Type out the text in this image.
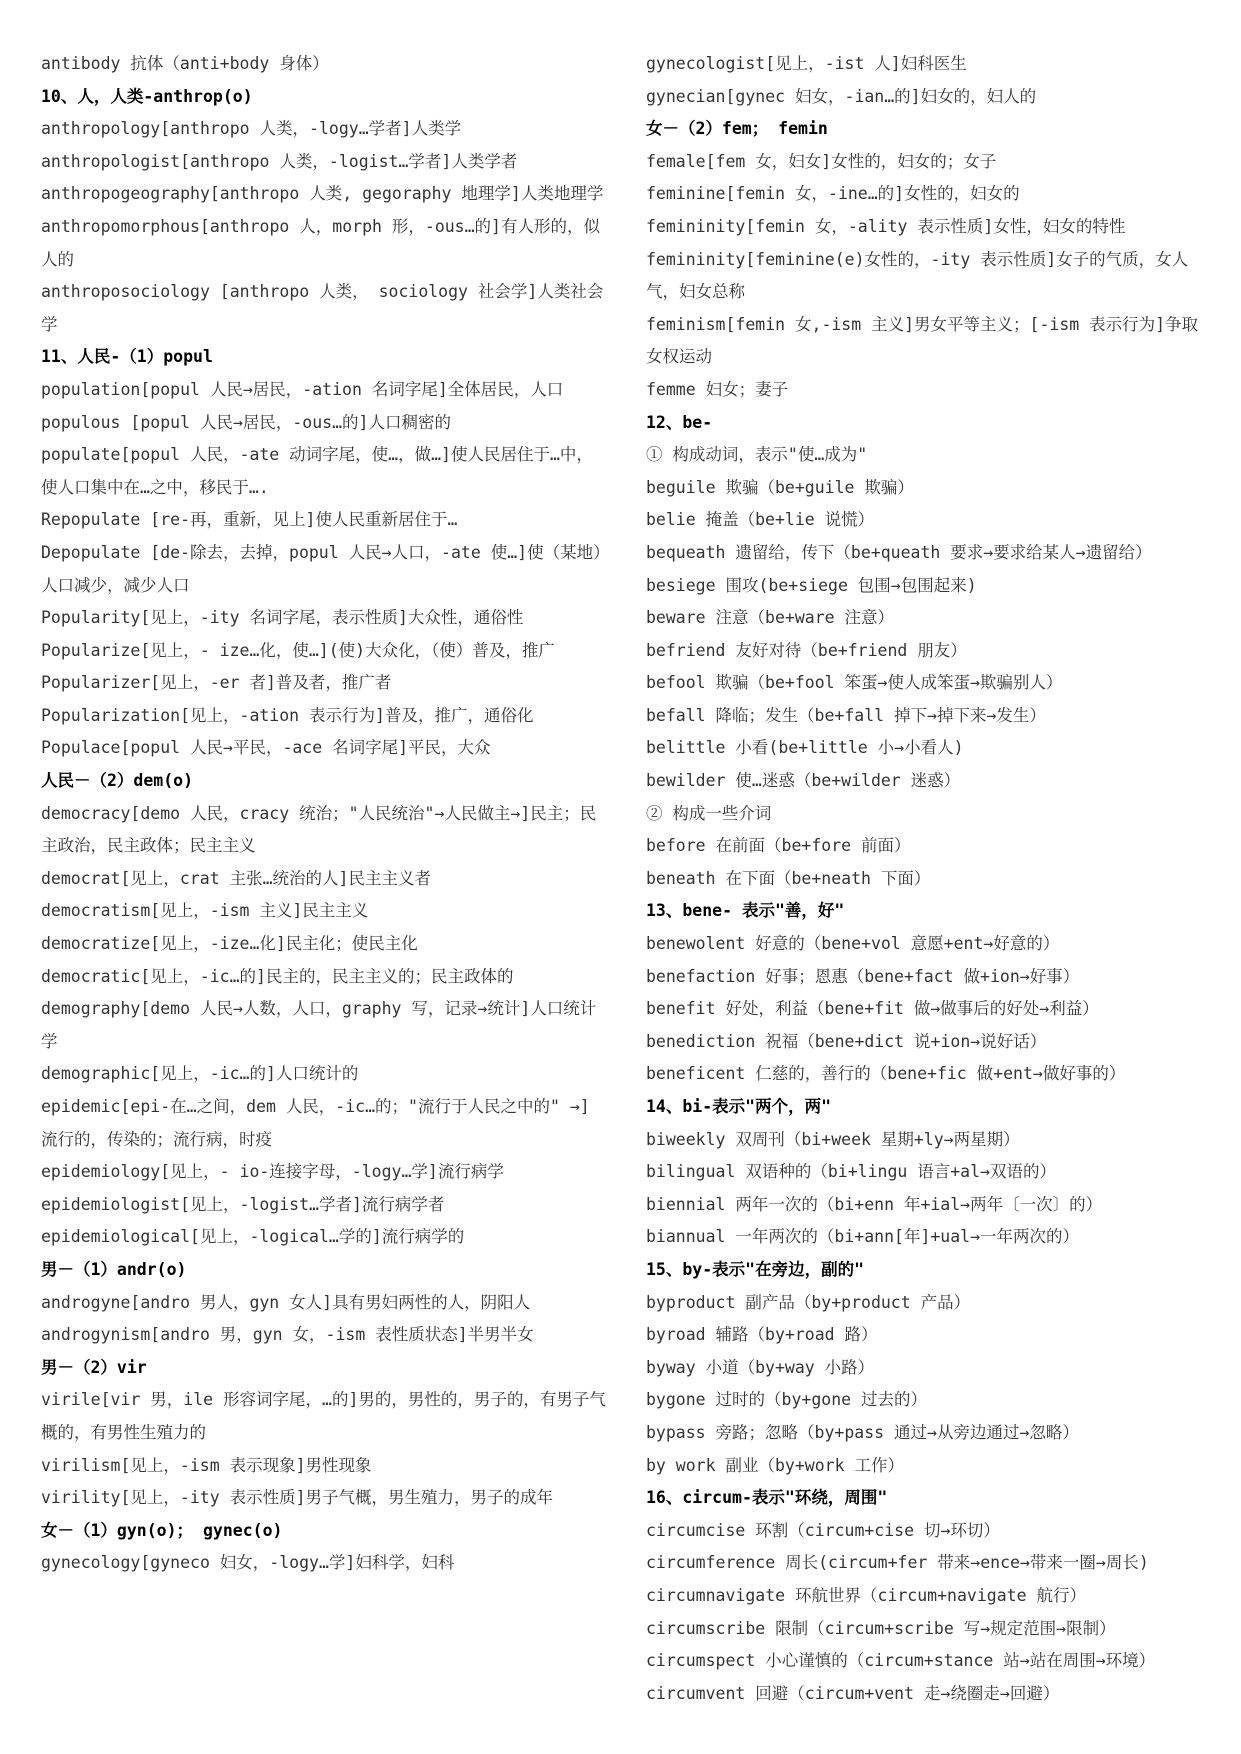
antibody 抗体（anti+body 身体）
10、人，人类-anthrop(o)
anthropology[anthropo 人类，-logy…学者]人类学
anthropologist[anthropo 人类，-logist…学者]人类学者
anthropogeography[anthropo 人类, gegoraphy 地理学]人类地理学
anthropomorphous[anthropo 人，morph 形，-ous…的]有人形的，似人的
anthroposociology [anthropo 人类， sociology 社会学]人类社会学
11、人民-（1）popul
population[popul 人民→居民，-ation 名词字尾]全体居民，人口
populous [popul 人民→居民，-ous…的]人口稠密的
populate[popul 人民，-ate 动词字尾，使…，做…]使人民居住于…中，使人口集中在…之中，移民于….
Repopulate [re-再，重新，见上]使人民重新居住于…
Depopulate [de-除去，去掉，popul 人民→人口，-ate 使…]使（某地）人口减少，减少人口
Popularity[见上，-ity 名词字尾，表示性质]大众性，通俗性
Popularize[见上，- ize…化，使…](使)大众化，（使）普及，推广
Popularizer[见上，-er 者]普及者，推广者
Popularization[见上，-ation 表示行为]普及，推广，通俗化
Populace[popul 人民→平民，-ace 名词字尾]平民，大众
人民－（2）dem(o)
democracy[demo 人民，cracy 统治；"人民统治"→人民做主→]民主；民主政治，民主政体；民主主义
democrat[见上，crat 主张…统治的人]民主主义者
democratism[见上，-ism 主义]民主主义
democratize[见上，-ize…化]民主化；使民主化
democratic[见上，-ic…的]民主的，民主主义的；民主政体的
demography[demo 人民→人数，人口，graphy 写，记录→统计]人口统计学
demographic[见上，-ic…的]人口统计的
epidemic[epi-在…之间，dem 人民，-ic…的；"流行于人民之中的" →]流行的，传染的；流行病，时疫
epidemiology[见上，- io-连接字母，-logy…学]流行病学
epidemiologist[见上，-logist…学者]流行病学者
epidemiological[见上，-logical…学的]流行病学的
男－（1）andr(o)
androgyne[andro 男人，gyn 女人]具有男妇两性的人，阴阳人
androgynism[andro 男，gyn 女，-ism 表性质状态]半男半女
男－（2）vir
virile[vir 男，ile 形容词字尾，…的]男的，男性的，男子的，有男子气概的，有男性生殖力的
virilism[见上，-ism 表示现象]男性现象
virility[见上，-ity 表示性质]男子气概，男生殖力，男子的成年
女－（1）gyn(o)； gynec(o)
gynecology[gyneco 妇女，-logy…学]妇科学，妇科
gynecologist[见上，-ist 人]妇科医生
gynecian[gynec 妇女，-ian…的]妇女的，妇人的
女－（2）fem； femin
female[fem 女，妇女]女性的，妇女的；女子
feminine[femin 女，-ine…的]女性的，妇女的
femininity[femin 女，-ality 表示性质]女性，妇女的特性
femininity[feminine(e)女性的，-ity 表示性质]女子的气质，女人气，妇女总称
feminism[femin 女,-ism 主义]男女平等主义；[-ism 表示行为]争取女权运动
femme 妇女；妻子
12、be-
① 构成动词，表示"使…成为"
beguile 欺骗（be+guile 欺骗）
belie 掩盖（be+lie 说慌）
bequeath 遗留给，传下（be+queath 要求→要求给某人→遗留给）
besiege 围攻(be+siege 包围→包围起来)
beware 注意（be+ware 注意）
befriend 友好对待（be+friend 朋友）
befool 欺骗（be+fool 笨蛋→使人成笨蛋→欺骗别人）
befall 降临；发生（be+fall 掉下→掉下来→发生）
belittle 小看(be+little 小→小看人)
bewilder 使…迷惑（be+wilder 迷惑）
② 构成一些介词
before 在前面（be+fore 前面）
beneath 在下面（be+neath 下面）
13、bene- 表示"善，好"
benewolent 好意的（bene+vol 意愿+ent→好意的）
benefaction 好事；恩惠（bene+fact 做+ion→好事）
benefit 好处，利益（bene+fit 做→做事后的好处→利益）
benediction 祝福（bene+dict 说+ion→说好话）
beneficent 仁慈的，善行的（bene+fic 做+ent→做好事的）
14、bi-表示"两个，两"
biweekly 双周刊（bi+week 星期+ly→两星期）
bilingual 双语种的（bi+lingu 语言+al→双语的）
biennial 两年一次的（bi+enn 年+ial→两年〔一次〕的）
biannual 一年两次的（bi+ann[年]+ual→一年两次的）
15、by-表示"在旁边，副的"
byproduct 副产品（by+product 产品）
byroad 辅路（by+road 路）
byway 小道（by+way 小路）
bygone 过时的（by+gone 过去的）
bypass 旁路；忽略（by+pass 通过→从旁边通过→忽略）
by work 副业（by+work 工作）
16、circum-表示"环绕，周围"
circumcise 环割（circum+cise 切→环切）
circumference 周长(circum+fer 带来→ence→带来一圈→周长)
circumnavigate 环航世界（circum+navigate 航行）
circumscribe 限制（circum+scribe 写→规定范围→限制）
circumspect 小心谨慎的（circum+stance 站→站在周围→环境）
circumvent 回避（circum+vent 走→绕圈走→回避）
